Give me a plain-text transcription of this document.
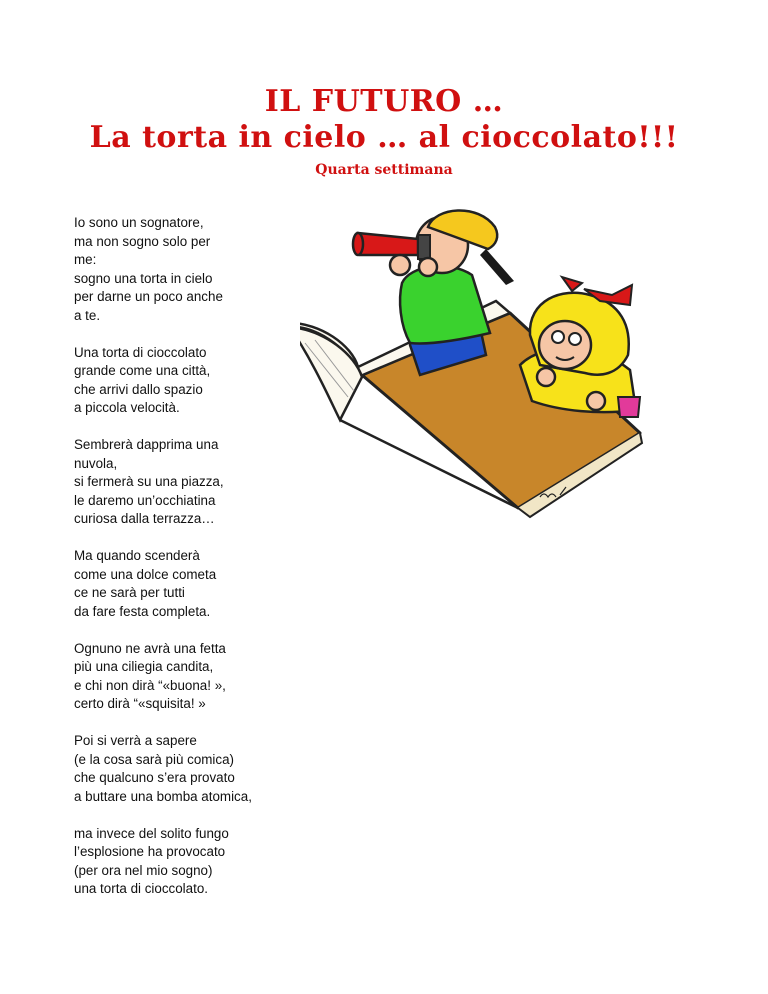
IL FUTURO …
La torta in cielo … al cioccolato!!!
Quarta settimana
Io sono un sognatore,
ma non sogno solo per
me:
sogno una torta in cielo
per darne un poco anche
a te.
Una torta di cioccolato
grande come una città,
che arrivi dallo spazio
a piccola velocità.
Sembrerà dapprima una
nuvola,
si fermerà su una piazza,
le daremo un’occhiatina
curiosa dalla terrazza…
Ma quando scenderà
come una dolce cometa
ce ne sarà per tutti
da fare festa completa.
Ognuno ne avrà una fetta
più una ciliegia candita,
e chi non dirà “«buona! »,
certo dirà “«squisita! »
Poi si verrà a sapere
(e la cosa sarà più comica)
che qualcuno s’era provato
a buttare una bomba atomica,
ma invece del solito fungo
l’esplosione ha provocato
(per ora nel mio sogno)
una torta di cioccolato.
